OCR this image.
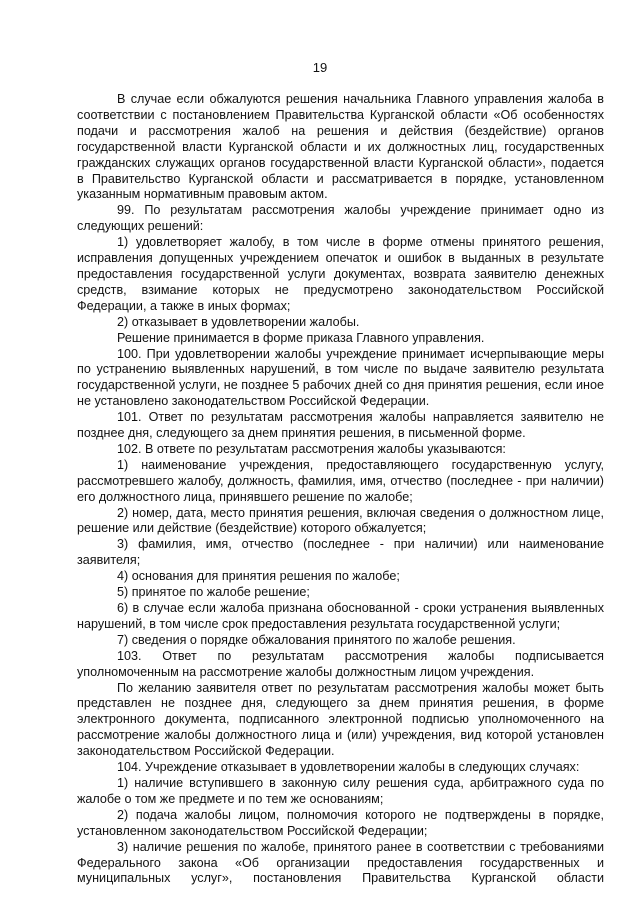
19

В случае если обжалуются решения начальника Главного управления жалоба в соответствии с постановлением Правительства Курганской области «Об особенностях подачи и рассмотрения жалоб на решения и действия (бездействие) органов государственной власти Курганской области и их должностных лиц, государственных гражданских служащих органов государственной власти Курганской области», подается в Правительство Курганской области и рассматривается в порядке, установленном указанным нормативным правовым актом.

99. По результатам рассмотрения жалобы учреждение принимает одно из следующих решений:

1) удовлетворяет жалобу, в том числе в форме отмены принятого решения, исправления допущенных учреждением опечаток и ошибок в выданных в результате предоставления государственной услуги документах, возврата заявителю денежных средств, взимание которых не предусмотрено законодательством Российской Федерации, а также в иных формах;

2) отказывает в удовлетворении жалобы.

Решение принимается в форме приказа Главного управления.

100. При удовлетворении жалобы учреждение принимает исчерпывающие меры по устранению выявленных нарушений, в том числе по выдаче заявителю результата государственной услуги, не позднее 5 рабочих дней со дня принятия решения, если иное не установлено законодательством Российской Федерации.

101. Ответ по результатам рассмотрения жалобы направляется заявителю не позднее дня, следующего за днем принятия решения, в письменной форме.

102. В ответе по результатам рассмотрения жалобы указываются:

1) наименование учреждения, предоставляющего государственную услугу, рассмотревшего жалобу, должность, фамилия, имя, отчество (последнее - при наличии) его должностного лица, принявшего решение по жалобе;

2) номер, дата, место принятия решения, включая сведения о должностном лице, решение или действие (бездействие) которого обжалуется;

3) фамилия, имя, отчество (последнее - при наличии) или наименование заявителя;

4) основания для принятия решения по жалобе;

5) принятое по жалобе решение;

6) в случае если жалоба признана обоснованной - сроки устранения выявленных нарушений, в том числе срок предоставления результата государственной услуги;

7) сведения о порядке обжалования принятого по жалобе решения.

103. Ответ по результатам рассмотрения жалобы подписывается уполномоченным на рассмотрение жалобы должностным лицом учреждения.

По желанию заявителя ответ по результатам рассмотрения жалобы может быть представлен не позднее дня, следующего за днем принятия решения, в форме электронного документа, подписанного электронной подписью уполномоченного на рассмотрение жалобы должностного лица и (или) учреждения, вид которой установлен законодательством Российской Федерации.

104. Учреждение отказывает в удовлетворении жалобы в следующих случаях:

1) наличие вступившего в законную силу решения суда, арбитражного суда по жалобе о том же предмете и по тем же основаниям;

2) подача жалобы лицом, полномочия которого не подтверждены в порядке, установленном законодательством Российской Федерации;

3) наличие решения по жалобе, принятого ранее в соответствии с требованиями Федерального закона «Об организации предоставления государственных и муниципальных услуг», постановления Правительства Курганской области
